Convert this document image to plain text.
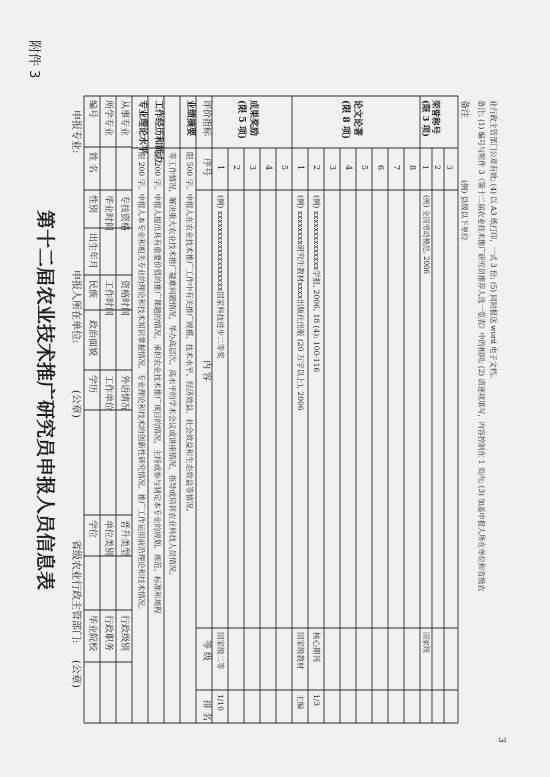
附件 3
第十二届农业技术推广研究员申报人员信息表
申报专业:
申报人所在单位:
(公章)
省级农业行政主管部门:
(公章)
编号
姓 名
性别
出生年月
民族
政治面貌
学历
学位
毕业院校
所学专业
毕业时间
工作时间
工作单位
单位类别
行政职务
从事专业
专技资格
资格时间
外语情况
晋升类型
行政级别
专业理论水平
限 200 字。申报人本专业和相关专业的理论和技术知识掌握情况、专业理论和技术的创新性研究情况、推广工作运用前沿理论和技术情况。
工作经历和能力
限 200 字。申报人提出具有重要价值的推广课题的情况，承担农业技术推广项目的情况，主持或参与制定本专业的规划、规范、标准和规程 等工作情况，解决重大农业技术推广疑难问题情况，举办高层次、高水平的学术会议或讲座情况，指导或培训农业科技人员情况。
业绩摘要
限 500 字。申报人在农业技术推广工作中有关推广规模、技术水平、经济效益、社会效益和生态效益等情况。
评价指标
序号
内 容
等 级
排 名
成果奖励
(限 5 项)
1 2 3 4 5
(例) xxxxxxxxxxxxxxxxxxx国家科技进步二等奖
国家级二等
1/10
论文论著
(限 8 项)
1 2 3 4 5 6 7 8
(例) xxxxxxxx研究生教材xxxx出版社出版 (20 万字以上), 2006
国家级教材
主编
(例) xxxxxxxxxxxxxx学报, 2006, 18 (4): 100-116
核心期刊
1/3
荣誉称号
(限 3 项)
1 2 3
(例) 全国劳动模范, 2006
国家级
备注
(例) 县级以下单位 备注: (1) 编号与附件 3《第十二届农业技术推广研究员推荐人选一览表》中的相同; (2) 请逐项填写，内容控制在 1 页内; (3) 加盖申报人所在单位和省级农 业行政主管部门公章有效; (4) 以 A3 纸打印，一式 3 份; (5) 同时报送 word 电子文档。
3
